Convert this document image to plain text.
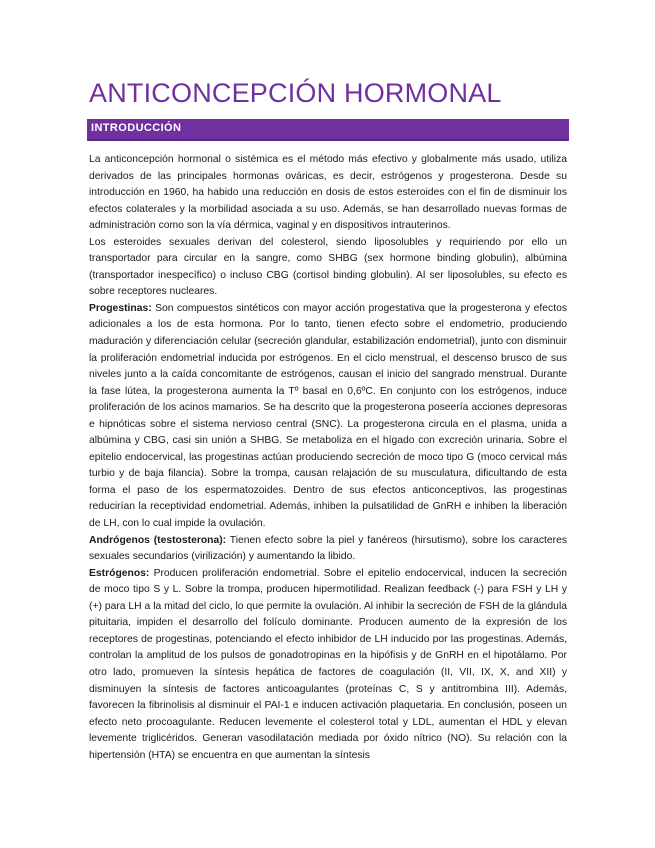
ANTICONCEPCIÓN HORMONAL
INTRODUCCIÓN

La anticoncepción hormonal o sistémica es el método más efectivo y globalmente más usado, utiliza derivados de las principales hormonas ováricas, es decir, estrógenos y progesterona. Desde su introducción en 1960, ha habido una reducción en dosis de estos esteroides con el fin de disminuir los efectos colaterales y la morbilidad asociada a su uso. Además, se han desarrollado nuevas formas de administración como son la vía dérmica, vaginal y en dispositivos intrauterinos.

Los esteroides sexuales derivan del colesterol, siendo liposolubles y requiriendo por ello un transportador para circular en la sangre, como SHBG (sex hormone binding globulin), albúmina (transportador inespecífico) o incluso CBG (cortisol binding globulin). Al ser liposolubles, su efecto es sobre receptores nucleares.

Progestinas: Son compuestos sintéticos con mayor acción progestativa que la progesterona y efectos adicionales a los de esta hormona. Por lo tanto, tienen efecto sobre el endometrio, produciendo maduración y diferenciación celular (secreción glandular, estabilización endometrial), junto con disminuir la proliferación endometrial inducida por estrógenos. En el ciclo menstrual, el descenso brusco de sus niveles junto a la caída concomitante de estrógenos, causan el inicio del sangrado menstrual. Durante la fase lútea, la progesterona aumenta la Tº basal en 0,6ºC. En conjunto con los estrógenos, induce proliferación de los acinos mamarios. Se ha descrito que la progesterona poseería acciones depresoras e hipnóticas sobre el sistema nervioso central (SNC). La progesterona circula en el plasma, unida a albúmina y CBG, casi sin unión a SHBG. Se metaboliza en el hígado con excreción urinaria. Sobre el epitelio endocervical, las progestinas actúan produciendo secreción de moco tipo G (moco cervical más turbio y de baja filancia). Sobre la trompa, causan relajación de su musculatura, dificultando de esta forma el paso de los espermatozoides. Dentro de sus efectos anticonceptivos, las progestinas reducirían la receptividad endometrial. Además, inhiben la pulsatilidad de GnRH e inhiben la liberación de LH, con lo cual impide la ovulación.

Andrógenos (testosterona): Tienen efecto sobre la piel y fanéreos (hirsutismo), sobre los caracteres sexuales secundarios (virilización) y aumentando la libido.

Estrógenos: Producen proliferación endometrial. Sobre el epitelio endocervical, inducen la secreción de moco tipo S y L. Sobre la trompa, producen hipermotilidad. Realizan feedback (-) para FSH y LH y (+) para LH a la mitad del ciclo, lo que permite la ovulación. Al inhibir la secreción de FSH de la glándula pituitaria, impiden el desarrollo del folículo dominante. Producen aumento de la expresión de los receptores de progestinas, potenciando el efecto inhibidor de LH inducido por las progestinas. Además, controlan la amplitud de los pulsos de gonadotropinas en la hipófisis y de GnRH en el hipotálamo. Por otro lado, promueven la síntesis hepática de factores de coagulación (II, VII, IX, X, and XII) y disminuyen la síntesis de factores anticoagulantes (proteínas C, S y antitrombina III). Además, favorecen la fibrinolisis al disminuir el PAI-1 e inducen activación plaquetaria. En conclusión, poseen un efecto neto procoagulante. Reducen levemente el colesterol total y LDL, aumentan el HDL y elevan levemente triglicéridos. Generan vasodilatación mediada por óxido nítrico (NO). Su relación con la hipertensión (HTA) se encuentra en que aumentan la síntesis
